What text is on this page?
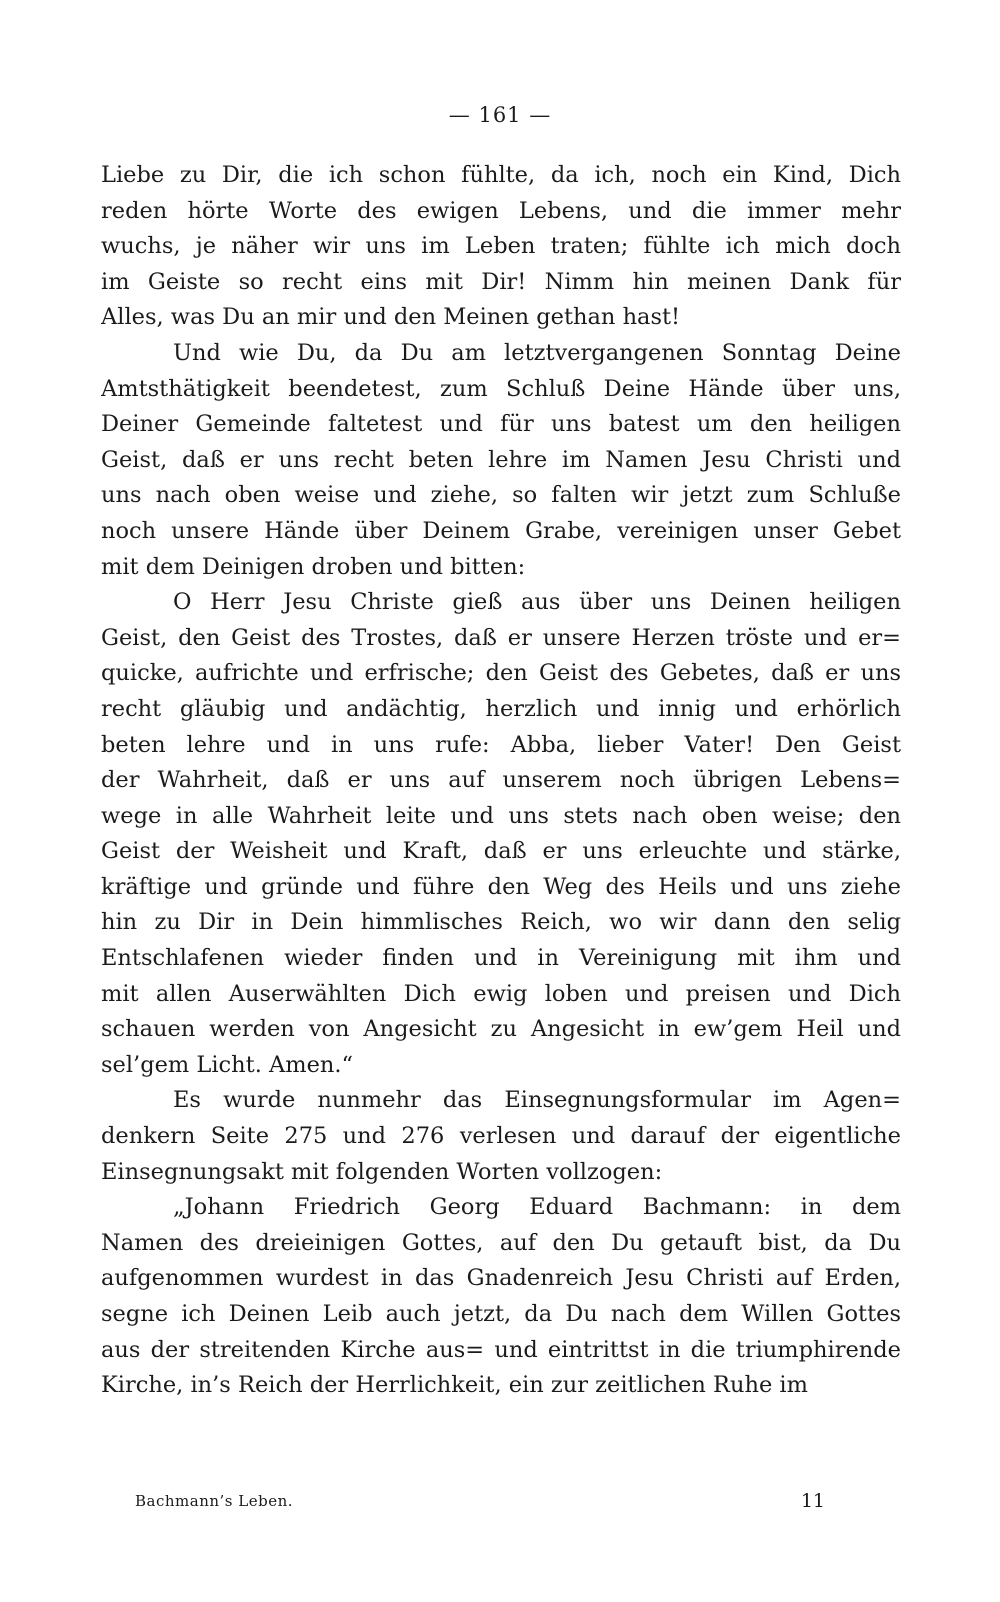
— 161 —
Liebe zu Dir, die ich schon fühlte, da ich, noch ein Kind, Dich
reden hörte Worte des ewigen Lebens, und die immer mehr
wuchs, je näher wir uns im Leben traten; fühlte ich mich doch
im Geiste so recht eins mit Dir! Nimm hin meinen Dank für
Alles, was Du an mir und den Meinen gethan hast!
Und wie Du, da Du am letztvergangenen Sonntag Deine
Amtsthätigkeit beendetest, zum Schluß Deine Hände über uns,
Deiner Gemeinde faltetest und für uns batest um den heiligen
Geist, daß er uns recht beten lehre im Namen Jesu Christi und
uns nach oben weise und ziehe, so falten wir jetzt zum Schluße
noch unsere Hände über Deinem Grabe, vereinigen unser Gebet
mit dem Deinigen droben und bitten:
O Herr Jesu Christe gieß aus über uns Deinen heiligen
Geist, den Geist des Trostes, daß er unsere Herzen tröste und er=
quicke, aufrichte und erfrische; den Geist des Gebetes, daß er uns
recht gläubig und andächtig, herzlich und innig und erhörlich
beten lehre und in uns rufe: Abba, lieber Vater! Den Geist
der Wahrheit, daß er uns auf unserem noch übrigen Lebens=
wege in alle Wahrheit leite und uns stets nach oben weise; den
Geist der Weisheit und Kraft, daß er uns erleuchte und stärke,
kräftige und gründe und führe den Weg des Heils und uns ziehe
hin zu Dir in Dein himmlisches Reich, wo wir dann den selig
Entschlafenen wieder finden und in Vereinigung mit ihm und
mit allen Auserwählten Dich ewig loben und preisen und Dich
schauen werden von Angesicht zu Angesicht in ew’gem Heil und
sel’gem Licht. Amen.“
Es wurde nunmehr das Einsegnungsformular im Agen=
denkern Seite 275 und 276 verlesen und darauf der eigentliche
Einsegnungsakt mit folgenden Worten vollzogen:
„Johann Friedrich Georg Eduard Bachmann: in dem
Namen des dreieinigen Gottes, auf den Du getauft bist, da Du
aufgenommen wurdest in das Gnadenreich Jesu Christi auf Erden,
segne ich Deinen Leib auch jetzt, da Du nach dem Willen Gottes
aus der streitenden Kirche aus= und eintrittst in die triumphirende
Kirche, in’s Reich der Herrlichkeit, ein zur zeitlichen Ruhe im
Bachmann’s Leben.	11
